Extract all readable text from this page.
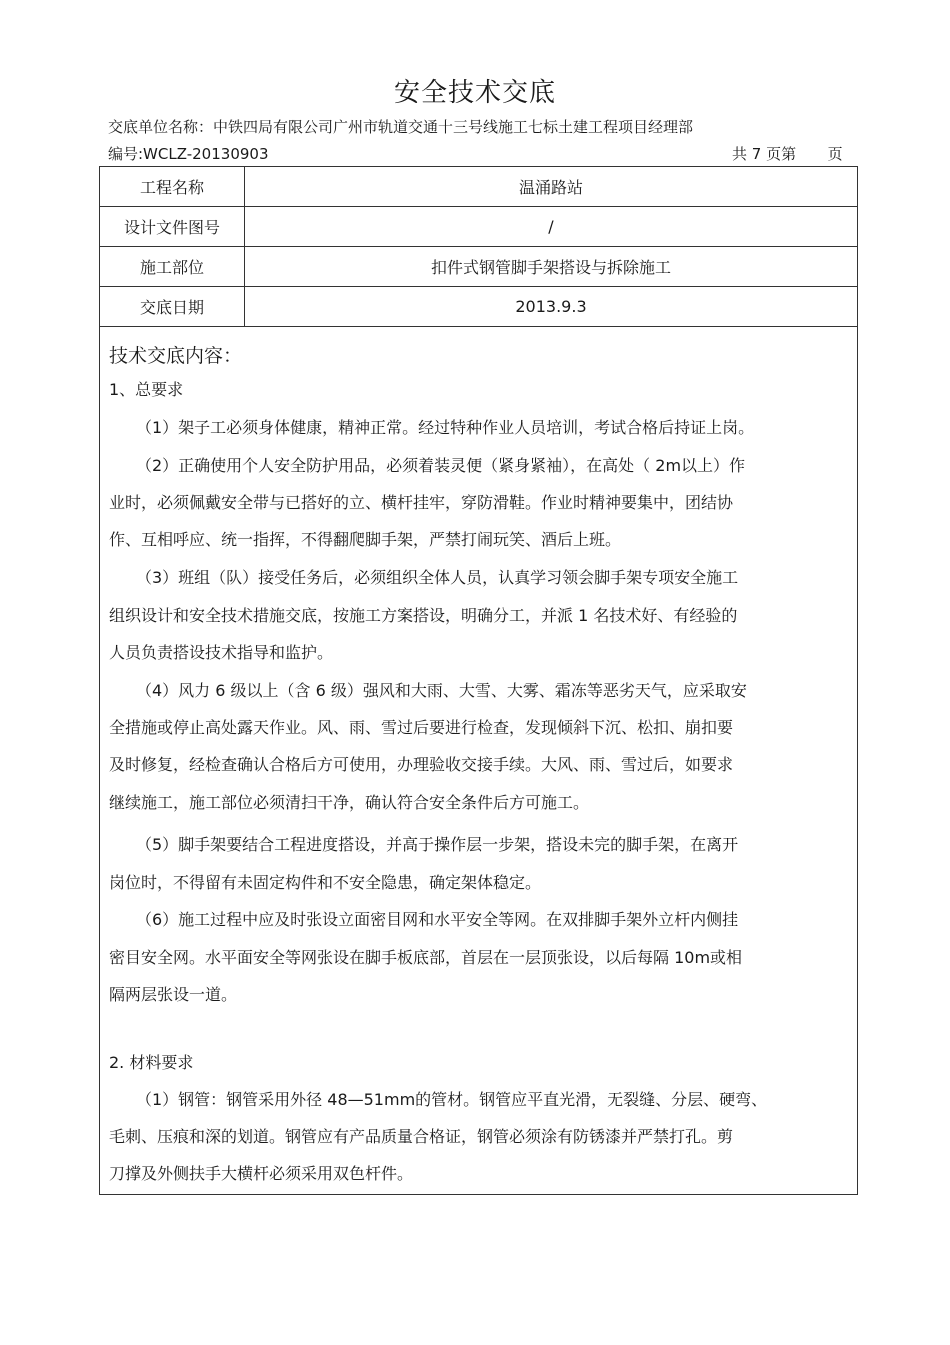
安全技术交底
交底单位名称：中铁四局有限公司广州市轨道交通十三号线施工七标土建工程项目经理部
编号:WCLZ-20130903	共 7 页第 页
工程名称	温涌路站
设计文件图号	/
施工部位	扣件式钢管脚手架搭设与拆除施工
交底日期	2013.9.3
技术交底内容：
1、总要求
（1）架子工必须身体健康，精神正常。经过特种作业人员培训，考试合格后持证上岗。
（2）正确使用个人安全防护用品，必须着装灵便（紧身紧袖），在高处（ 2m以上）作
业时，必须佩戴安全带与已搭好的立、横杆挂牢，穿防滑鞋。作业时精神要集中，团结协
作、互相呼应、统一指挥，不得翻爬脚手架，严禁打闹玩笑、酒后上班。
（3）班组（队）接受任务后，必须组织全体人员，认真学习领会脚手架专项安全施工
组织设计和安全技术措施交底，按施工方案搭设，明确分工，并派 1 名技术好、有经验的
人员负责搭设技术指导和监护。
（4）风力 6 级以上（含 6 级）强风和大雨、大雪、大雾、霜冻等恶劣天气，应采取安
全措施或停止高处露天作业。风、雨、雪过后要进行检查，发现倾斜下沉、松扣、崩扣要
及时修复，经检查确认合格后方可使用，办理验收交接手续。大风、雨、雪过后，如要求
继续施工，施工部位必须清扫干净，确认符合安全条件后方可施工。
（5）脚手架要结合工程进度搭设，并高于操作层一步架，搭设未完的脚手架，在离开
岗位时，不得留有未固定构件和不安全隐患，确定架体稳定。
（6）施工过程中应及时张设立面密目网和水平安全等网。在双排脚手架外立杆内侧挂
密目安全网。水平面安全等网张设在脚手板底部，首层在一层顶张设，以后每隔 10m或相
隔两层张设一道。
2. 材料要求
（1）钢管：钢管采用外径 48—51mm的管材。钢管应平直光滑，无裂缝、分层、硬弯、
毛刺、压痕和深的划道。钢管应有产品质量合格证，钢管必须涂有防锈漆并严禁打孔。剪
刀撑及外侧扶手大横杆必须采用双色杆件。
